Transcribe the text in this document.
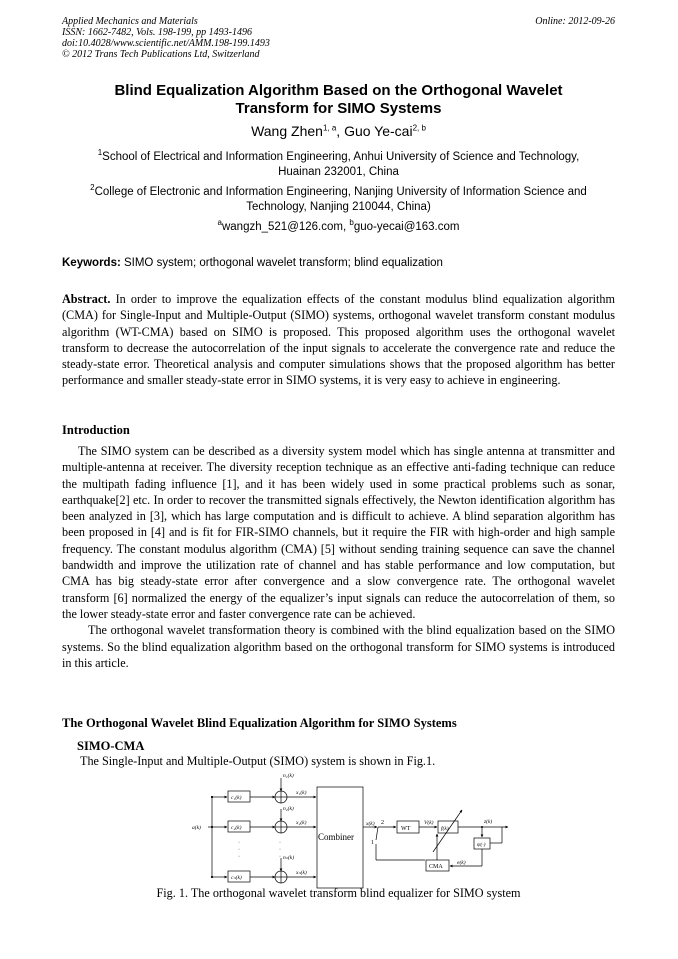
Applied Mechanics and Materials
ISSN: 1662-7482, Vols. 198-199, pp 1493-1496
doi:10.4028/www.scientific.net/AMM.198-199.1493
© 2012 Trans Tech Publications Ltd, Switzerland
Online: 2012-09-26
Blind Equalization Algorithm Based on the Orthogonal Wavelet
Transform for SIMO Systems
Wang Zhen$^{1, a}$, Guo Ye-cai$^{2, b}$
$^1$School of Electrical and Information Engineering, Anhui University of Science and Technology,
Huainan 232001, China
$^2$College of Electronic and Information Engineering, Nanjing University of Information Science and
Technology, Nanjing 210044, China)
$^a$wangzh_521@126.com, $^b$guo-yecai@163.com
Keywords: SIMO system; orthogonal wavelet transform; blind equalization
Abstract. In order to improve the equalization effects of the constant modulus blind equalization algorithm (CMA) for Single-Input and Multiple-Output (SIMO) systems, orthogonal wavelet transform constant modulus algorithm (WT-CMA) based on SIMO is proposed. This proposed algorithm uses the orthogonal wavelet transform to decrease the autocorrelation of the input signals to accelerate the convergence rate and reduce the steady-state error. Theoretical analysis and computer simulations shows that the proposed algorithm has better performance and smaller steady-state error in SIMO systems, it is very easy to achieve in engineering.
Introduction

The SIMO system can be described as a diversity system model which has single antenna at transmitter and multiple-antenna at receiver. The diversity reception technique as an effective anti-fading technique can reduce the multipath fading influence [1], and it has been widely used in some practical problems such as sonar, earthquake[2] etc. In order to recover the transmitted signals effectively, the Newton identification algorithm has been analyzed in [3], which has large computation and is difficult to achieve. A blind separation algorithm has been proposed in [4] and is fit for FIR-SIMO channels, but it require the FIR with high-order and high sample frequency. The constant modulus algorithm (CMA) [5] without sending training sequence can save the channel bandwidth and improve the utilization rate of channel and has stable performance and low computation, but CMA has big steady-state error after convergence and a slow convergence rate. The orthogonal wavelet transform [6] normalized the energy of the equalizer’s input signals can reduce the autocorrelation of them, so the lower steady-state error and faster convergence rate can be achieved.

The orthogonal wavelet transformation theory is combined with the blind equalization based on the SIMO systems. So the blind equalization algorithm based on the orthogonal transform for SIMO systems is introduced in this article.

The Orthogonal Wavelet Blind Equalization Algorithm for SIMO Systems
SIMO-CMA
The Single-Input and Multiple-Output (SIMO) system is shown in Fig.1.
a(k)
c₁(k)
c₂(k)
cₙ(k)
n₁(k)
n₂(k)
nₙ(k)
x₁(k)
x₂(k)
xₙ(k)
·
·
·
·
·
·
Combiner
x(k) 2
1
WT
V(k)
f(k)
z(k)
ψ(·)
e(k)
CMA
Fig. 1. The orthogonal wavelet transform blind equalizer for SIMO system
